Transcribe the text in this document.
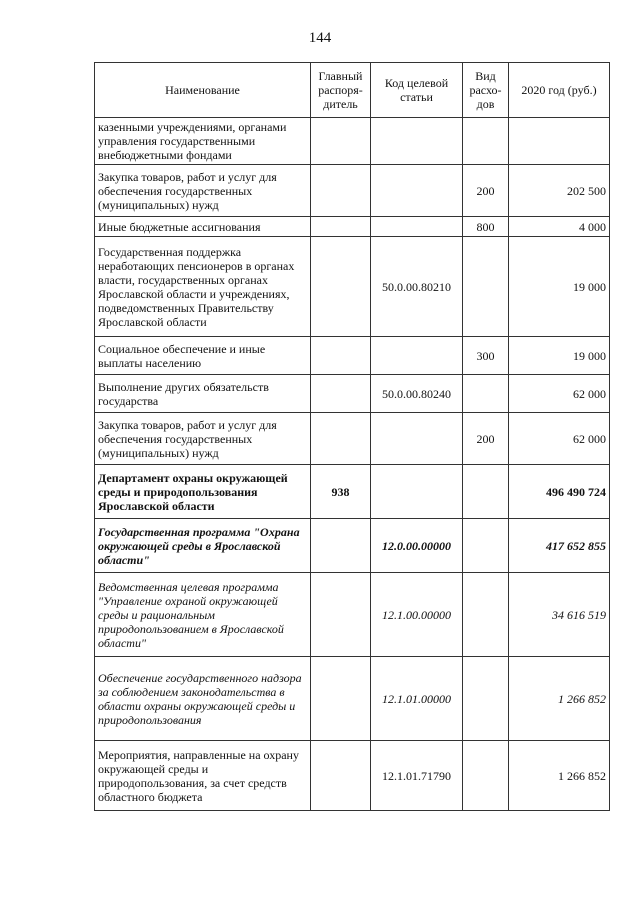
144
Наименование	Главный распоря-дитель	Код целевой статьи	Вид расхо-дов	2020 год (руб.)
казенными учреждениями, органами управления государственными внебюджетными фондами				
Закупка товаров, работ и услуг для обеспечения государственных (муниципальных) нужд			200	202 500
Иные бюджетные ассигнования			800	4 000
Государственная поддержка неработающих пенсионеров в органах власти, государственных органах Ярославской области и учреждениях, подведомственных Правительству Ярославской области		50.0.00.80210		19 000
Социальное обеспечение и иные выплаты населению			300	19 000
Выполнение других обязательств государства		50.0.00.80240		62 000
Закупка товаров, работ и услуг для обеспечения государственных (муниципальных) нужд			200	62 000
Департамент охраны окружающей среды и природопользования Ярославской области	938			496 490 724
Государственная программа "Охрана окружающей среды в Ярославской области"		12.0.00.00000		417 652 855
Ведомственная целевая программа "Управление охраной окружающей среды и рациональным природопользованием в Ярославской области"		12.1.00.00000		34 616 519
Обеспечение государственного надзора за соблюдением законодательства в области охраны окружающей среды и природопользования		12.1.01.00000		1 266 852
Мероприятия, направленные на охрану окружающей среды и природопользования, за счет средств областного бюджета		12.1.01.71790		1 266 852
